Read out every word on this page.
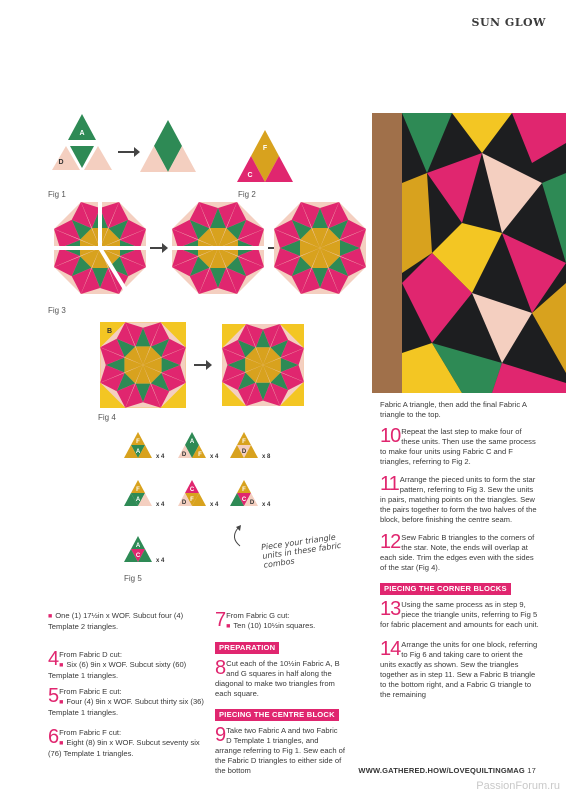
SUN GLOW
A
D
Fig 1
F
C
Fig 2
Fig 3
B
Fig 4
F
A
x 4
A
D F x 4
F
D
x 8
F
A
x 4
C
D F
x 4
F
C D x 4
A
C
x 4
Piece your triangle units in these fabric combos
Fig 5

Fabric A triangle, then add the final Fabric A triangle to the top.

10 Repeat the last step to make four of these units. Then use the same process to make four units using Fabric C and F triangles, referring to Fig 2.
11 Arrange the pieced units to form the star pattern, referring to Fig 3. Sew the units in pairs, matching points on the triangles. Sew the pairs together to form the two halves of the block, before finishing the centre seam.
12 Sew Fabric B triangles to the corners of the star. Note, the ends will overlap at each side. Trim the edges even with the sides of the star (Fig 4).
PIECING THE CORNER BLOCKS
13 Using the same process as in step 9, piece the triangle units, referring to Fig 5 for fabric placement and amounts for each unit.
14 Arrange the units for one block, referring to Fig 6 and taking care to orient the units exactly as shown. Sew the triangles together as in step 11. Sew a Fabric B triangle to the bottom right, and a Fabric G triangle to the remaining

■ One (1) 17½in x WOF. Subcut four (4) Template 2 triangles.

4 From Fabric D cut:
■ Six (6) 9in x WOF. Subcut sixty (60) Template 1 triangles.
5 From Fabric E cut:
■ Four (4) 9in x WOF. Subcut thirty six (36) Template 1 triangles.
6 From Fabric F cut:
■ Eight (8) 9in x WOF. Subcut seventy six (76) Template 1 triangles.
7 From Fabric G cut:
■ Ten (10) 10½in squares.
PREPARATION
8 Cut each of the 10½in Fabric A, B and G squares in half along the diagonal to make two triangles from each square.
PIECING THE CENTRE BLOCK
9 Take two Fabric A and two Fabric D Template 1 triangles, and arrange referring to Fig 1. Sew each of the Fabric D triangles to either side of the bottom	WWW.GATHERED.HOW/LOVEQUILTINGMAG 17
PassionForum.ru
